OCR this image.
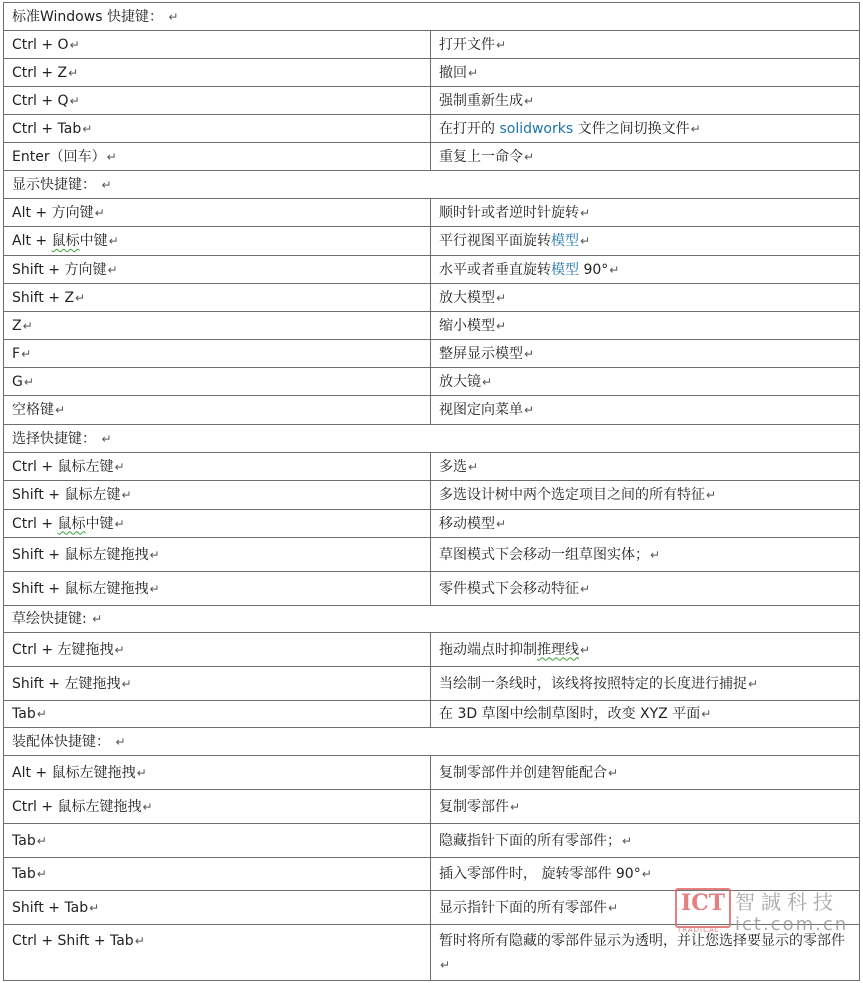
标准Windows 快捷键： ↵	
Ctrl + O↵	打开文件↵
Ctrl + Z↵	撤回↵
Ctrl + Q↵	强制重新生成↵
Ctrl + Tab↵	在打开的 solidworks 文件之间切换文件↵
Enter（回车）↵	重复上一命令↵
显示快捷键： ↵	
Alt + 方向键↵	顺时针或者逆时针旋转↵
Alt + 鼠标中键↵	平行视图平面旋转模型↵
Shift + 方向键↵	水平或者垂直旋转模型 90°↵
Shift + Z↵	放大模型↵
Z↵	缩小模型↵
F↵	整屏显示模型↵
G↵	放大镜↵
空格键↵	视图定向菜单↵
选择快捷键： ↵	
Ctrl + 鼠标左键↵	多选↵
Shift + 鼠标左键↵	多选设计树中两个选定项目之间的所有特征↵
Ctrl + 鼠标中键↵	移动模型↵
Shift + 鼠标左键拖拽↵	草图模式下会移动一组草图实体；↵
Shift + 鼠标左键拖拽↵	零件模式下会移动特征↵
草绘快捷键: ↵	
Ctrl + 左键拖拽↵	拖动端点时抑制推理线↵
Shift + 左键拖拽↵	当绘制一条线时，该线将按照特定的长度进行捕捉↵
Tab↵	在 3D 草图中绘制草图时，改变 XYZ 平面↵
装配体快捷键： ↵	
Alt + 鼠标左键拖拽↵	复制零部件并创建智能配合↵
Ctrl + 鼠标左键拖拽↵	复制零部件↵
Tab↵	隐藏指针下面的所有零部件；↵
Tab↵	插入零部件时， 旋转零部件 90°↵
Shift + Tab↵	显示指针下面的所有零部件↵
Ctrl + Shift + Tab↵	暂时将所有隐藏的零部件显示为透明，并让您选择要显示的零部件↵
ICT
TRADICAL
智誠科技
ict.com.cn
